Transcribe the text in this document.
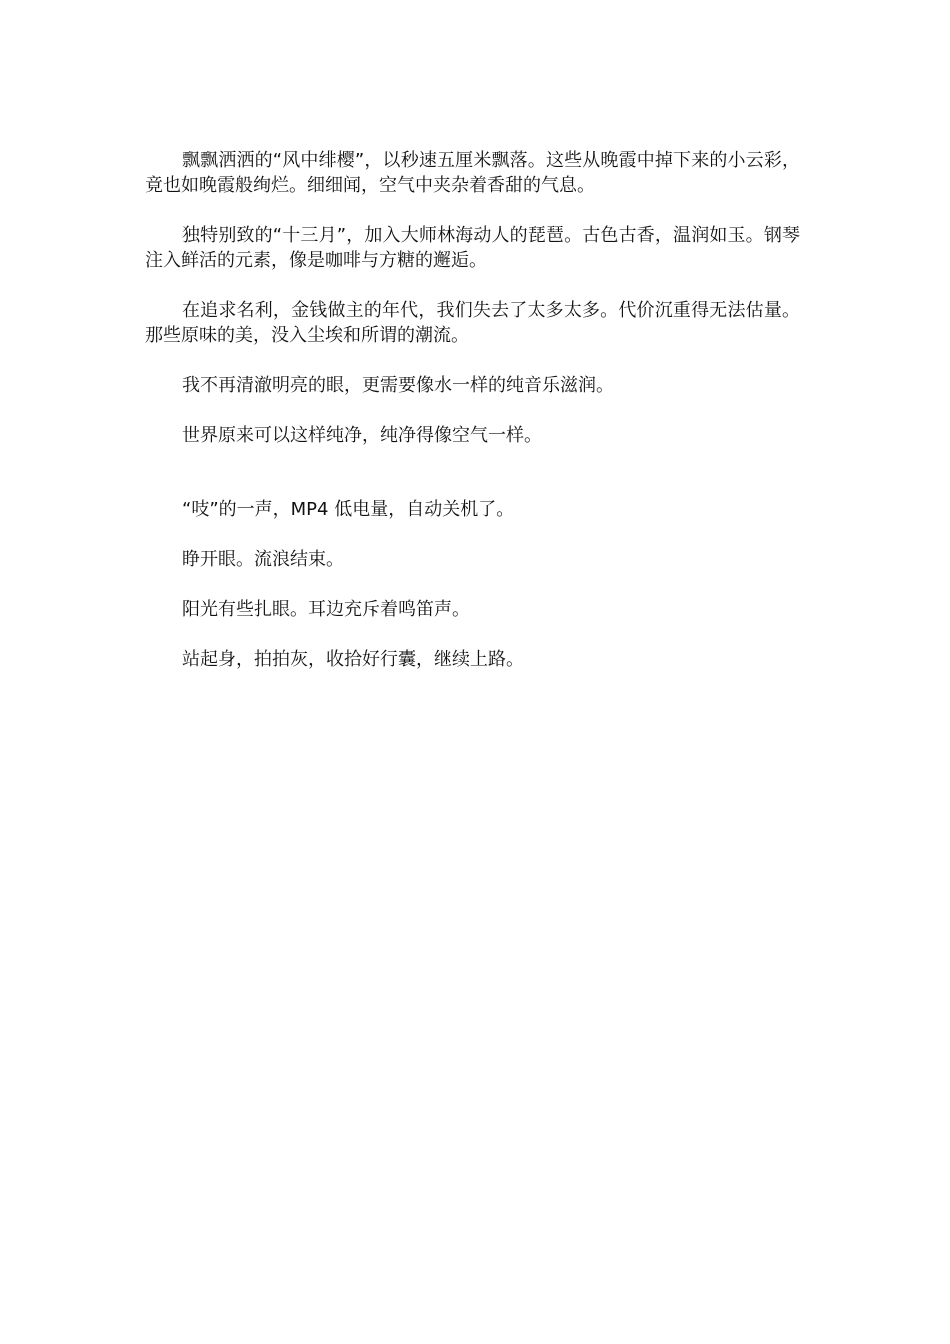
飘飘洒洒的“风中绯樱”，以秒速五厘米飘落。这些从晚霞中掉下来的小云彩，竟也如晚霞般绚烂。细细闻，空气中夹杂着香甜的气息。

独特别致的“十三月”，加入大师林海动人的琵琶。古色古香，温润如玉。钢琴注入鲜活的元素，像是咖啡与方糖的邂逅。

在追求名利，金钱做主的年代，我们失去了太多太多。代价沉重得无法估量。那些原味的美，没入尘埃和所谓的潮流。

我不再清澈明亮的眼，更需要像水一样的纯音乐滋润。

世界原来可以这样纯净，纯净得像空气一样。

“吱”的一声，MP4 低电量，自动关机了。

睁开眼。流浪结束。

阳光有些扎眼。耳边充斥着鸣笛声。

站起身，拍拍灰，收拾好行囊，继续上路。
